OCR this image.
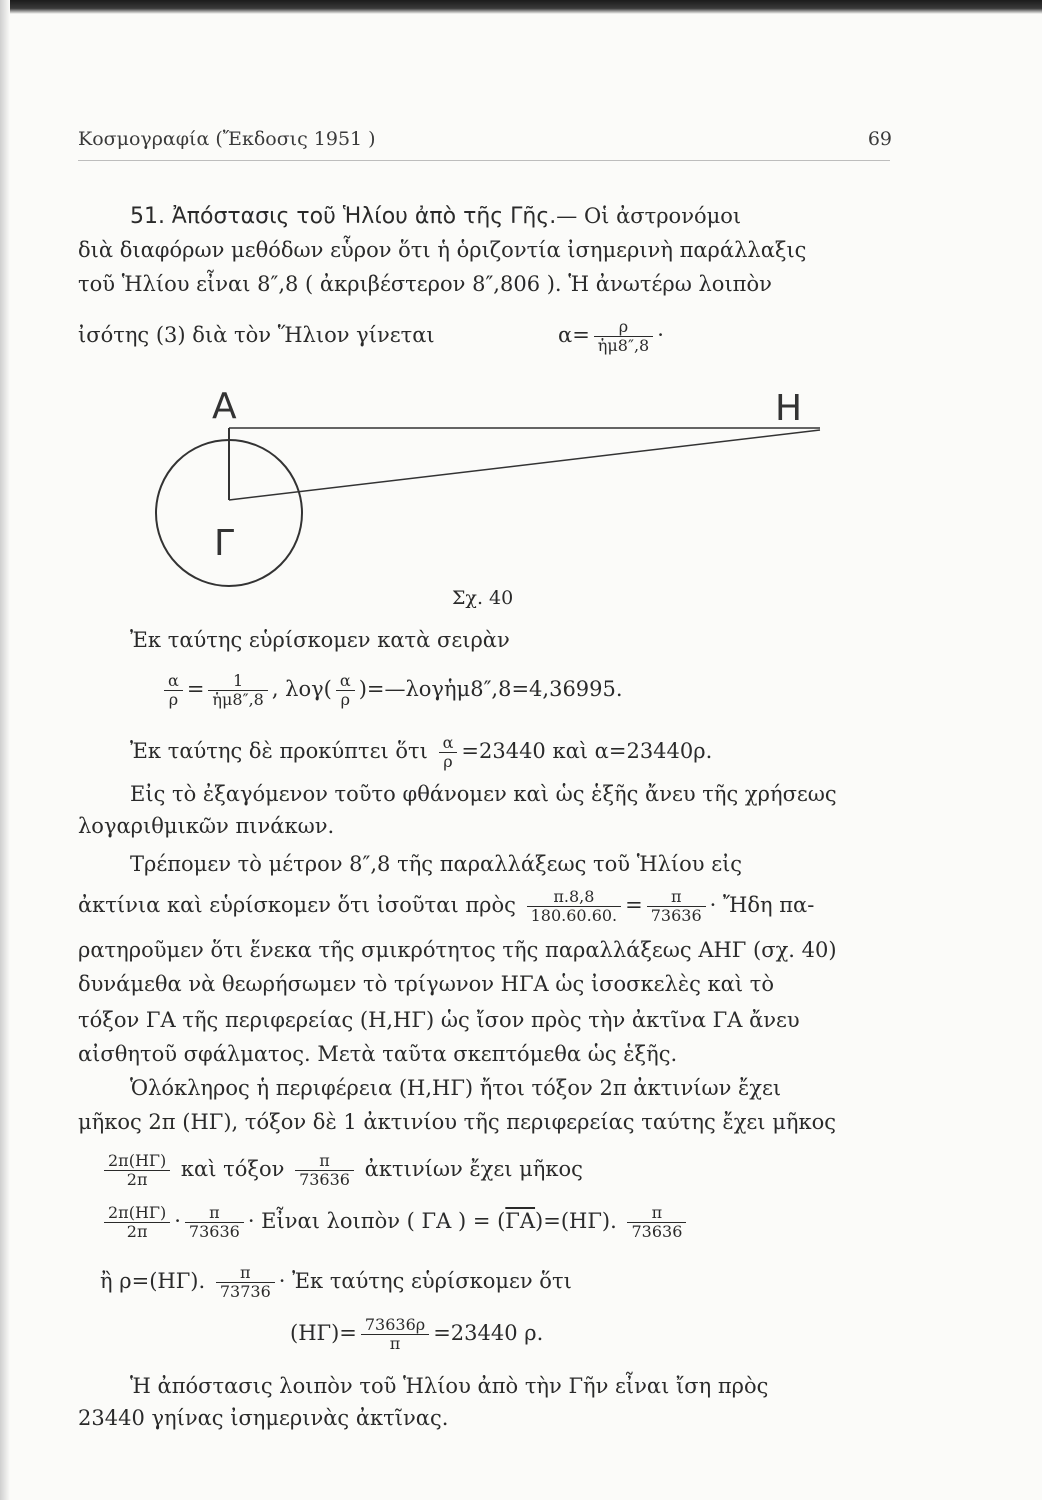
Κοσμογραφία (Ἔκδοσις 1951 )	69
51. Ἀπόστασις τοῦ Ἡλίου ἀπὸ τῆς Γῆς.— Οἱ ἀστρονόμοι
διὰ διαφόρων μεθόδων εὗρον ὅτι ἡ ὁριζοντία ἰσημερινὴ παράλλαξις
τοῦ Ἡλίου εἶναι 8″,8 ( ἀκριβέστερον 8″,806 ). Ἡ ἀνωτέρω λοιπὸν
ἰσότης (3) διὰ τὸν Ἥλιον γίνεται	$\alpha= \frac{\rho}{\text{ἡμ8″,8}}$ ·
Α	Η
Γ
Σχ. 40
Ἐκ ταύτης εὑρίσκομεν κατὰ σειρὰν
$\frac{\alpha}{\rho} = \frac{1}{\text{ἡμ8″,8}}$ , $\lambda o\gamma( \frac{\alpha}{\rho}$ )=—λογἡμ8″,8=4,36995.
Ἐκ ταύτης δὲ προκύπτει ὅτι $\frac{\alpha}{\rho} =23440$ καὶ α=23440ρ.
Εἰς τὸ ἐξαγόμενον τοῦτο φθάνομεν καὶ ὡς ἑξῆς ἄνευ τῆς χρήσεως
λογαριθμικῶν πινάκων.
Τρέπομεν τὸ μέτρον 8″,8 τῆς παραλλάξεως τοῦ Ἡλίου εἰς
ἀκτίνια καὶ εὑρίσκομεν ὅτι ἰσοῦται πρὸς $\frac{\pi.8,8}{180.60.60.} = \frac{\pi}{73636}$ · Ἤδη πα-
ρατηροῦμεν ὅτι ἕνεκα τῆς σμικρότητος τῆς παραλλάξεως ΑΗΓ (σχ. 40)
δυνάμεθα νὰ θεωρήσωμεν τὸ τρίγωνον ΗΓΑ ὡς ἰσοσκελὲς καὶ τὸ
τόξον ΓΑ τῆς περιφερείας (Η,ΗΓ) ὡς ἴσον πρὸς τὴν ἀκτῖνα ΓΑ ἄνευ
αἰσθητοῦ σφάλματος. Μετὰ ταῦτα σκεπτόμεθα ὡς ἑξῆς.
Ὁλόκληρος ἡ περιφέρεια (Η,ΗΓ) ἤτοι τόξον 2π ἀκτινίων ἔχει
μῆκος 2π (ΗΓ), τόξον δὲ 1 ἀκτινίου τῆς περιφερείας ταύτης ἔχει μῆκος
$\frac{2\pi(H\Gamma)}{2\pi}$ καὶ τόξον $\frac{\pi}{73636}$ ἀκτινίων ἔχει μῆκος
$\frac{2\pi(H\Gamma)}{2\pi} \cdot \frac{\pi}{73636}$ · Εἶναι λοιπὸν ( ΓΑ ) = $(\overline{\Gamma A})=(H\Gamma)$. $\frac{\pi}{73636}$
ἢ ρ=(ΗΓ). $\frac{\pi}{73736}$ · Ἐκ ταύτης εὑρίσκομεν ὅτι
$(H\Gamma)= \frac{73636\rho}{\pi} =23440$ ρ.
Ἡ ἀπόστασις λοιπὸν τοῦ Ἡλίου ἀπὸ τὴν Γῆν εἶναι ἴση πρὸς
23440 γηίνας ἰσημερινὰς ἀκτῖνας.
